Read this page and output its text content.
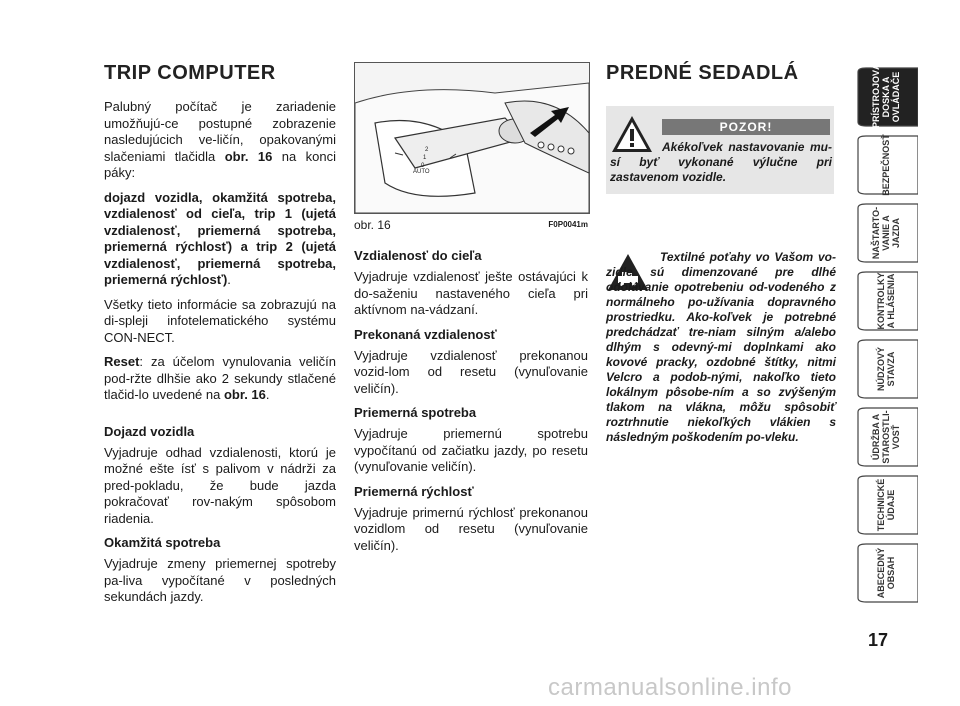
TRIP COMPUTER

Palubný počítač je zariadenie umožňujú-ce postupné zobrazenie nasledujúcich ve-ličín, opakovanými slačeniami tlačidla obr. 16 na konci páky:

dojazd vozidla, okamžitá spotreba, vzdialenosť od cieľa, trip 1 (ujetá vzdialenosť, priemerná spotreba, priemerná rýchlosť) a trip 2 (ujetá vzdialenosť, priemerná spotreba, priemerná rýchlosť).

Všetky tieto informácie sa zobrazujú na di-spleji infotelematického systému CON-NECT.

Reset: za účelom vynulovania veličín pod-ržte dlhšie ako 2 sekundy stlačené tlačid-lo uvedené na obr. 16.

Dojazd vozidla

Vyjadruje odhad vzdialenosti, ktorú je možné ešte ísť s palivom v nádrži za pred-pokladu, že bude jazda pokračovať rov-nakým spôsobom riadenia.

Okamžitá spotreba

Vyjadruje zmeny priemernej spotreby pa-liva vypočítané v posledných sekundách jazdy.

AUTO
2
1
0
obr. 16	F0P0041m
Vzdialenosť do cieľa

Vyjadruje vzdialenosť ješte ostávajúci k do-saženiu nastaveného cieľa pri aktívnom na-vádzaní.

Prekonaná vzdialenosť

Vyjadruje vzdialenosť prekonanou vozid-lom od resetu (vynuľovanie veličín).

Priemerná spotreba

Vyjadruje priemernú spotrebu vypočítanú od začiatku jazdy, po resetu (vynuľovanie veličín).

Priemerná rýchlosť

Vyjadruje primernú rýchlosť prekonanou vozidlom od resetu (vynuľovanie veličín).

PREDNÉ SEDADLÁ
POZOR!
Akékoľvek nastavovanie mu-sí byť vykonané výlučne pri zastavenom vozidle.
Textilné poťahy vo Vašom vo-zidle sú dimenzované pre dlhé odolávanie opotrebeniu od-vodeného z normálneho po-užívania dopravného prostriedku. Ako-koľvek je potrebné predchádzať tre-niam silným a/alebo dlhým s odevný-mi doplnkami ako kovové pracky, ozdobné štítky, nitmi Velcro a podob-nými, nakoľko tieto lokálnym pôsobe-ním a so zvýšeným tlakom na vlákna, môžu spôsobiť roztrhnutie niekoľkých vlákien s následným poškodením po-vleku.
PRÍSTROJOVÁ
DOSKA A
OVLÁDAČE
BEZPEČNOSŤ
NAŠTARTO-
VANIE A
JAZDA
KONTROLKY
A HLÁSENIA
NÚDZOVÝ
STAVZA
ÚDRŽBA A
STAROSTLI-
VOSŤ
TECHNICKÉ
ÚDAJE
ABECEDNÝ
OBSAH
17
carmanualsonline.info
